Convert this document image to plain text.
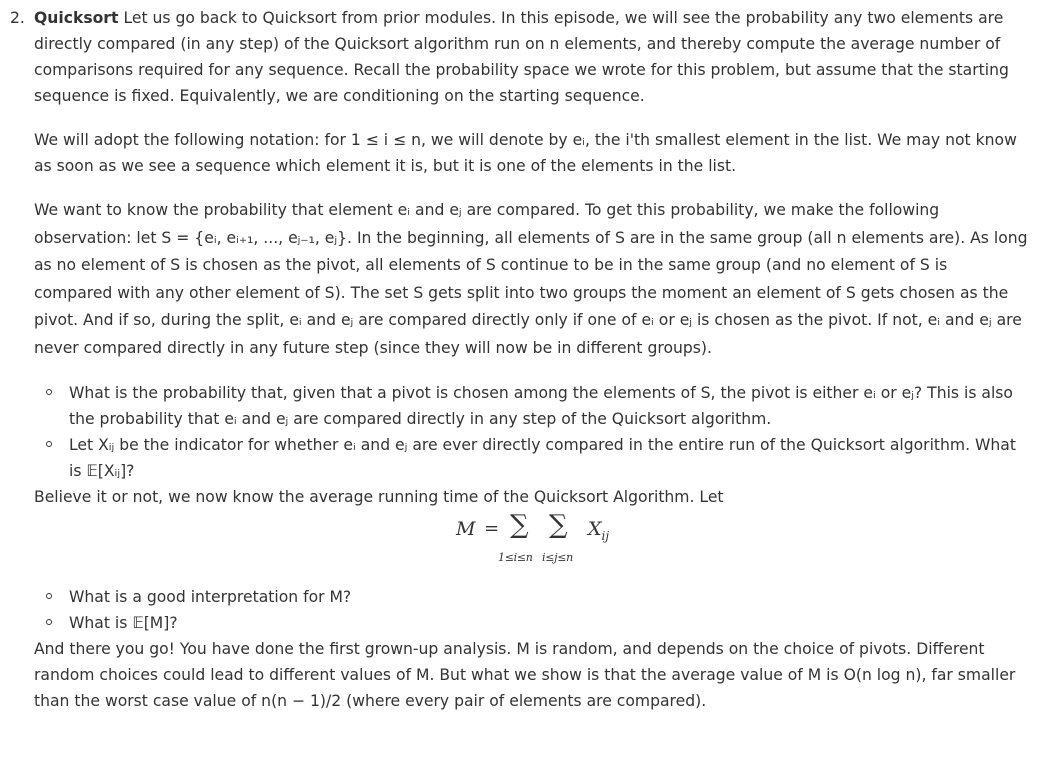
2. Quicksort Let us go back to Quicksort from prior modules. In this episode, we will see the probability any two elements are directly compared (in any step) of the Quicksort algorithm run on n elements, and thereby compute the average number of comparisons required for any sequence. Recall the probability space we wrote for this problem, but assume that the starting sequence is fixed. Equivalently, we are conditioning on the starting sequence.

We will adopt the following notation: for 1 ≤ i ≤ n, we will denote by eᵢ, the i'th smallest element in the list. We may not know as soon as we see a sequence which element it is, but it is one of the elements in the list.

We want to know the probability that element eᵢ and eⱼ are compared. To get this probability, we make the following observation: let S = {eᵢ, eᵢ₊₁, ..., eⱼ₋₁, eⱼ}. In the beginning, all elements of S are in the same group (all n elements are). As long as no element of S is chosen as the pivot, all elements of S continue to be in the same group (and no element of S is compared with any other element of S). The set S gets split into two groups the moment an element of S gets chosen as the pivot. And if so, during the split, eᵢ and eⱼ are compared directly only if one of eᵢ or eⱼ is chosen as the pivot. If not, eᵢ and eⱼ are never compared directly in any future step (since they will now be in different groups).

What is the probability that, given that a pivot is chosen among the elements of S, the pivot is either eᵢ or eⱼ? This is also the probability that eᵢ and eⱼ are compared directly in any step of the Quicksort algorithm.
Let Xᵢⱼ be the indicator for whether eᵢ and eⱼ are ever directly compared in the entire run of the Quicksort algorithm. What is 𝔼[Xᵢⱼ]?

Believe it or not, we now know the average running time of the Quicksort Algorithm. Let

M = ∑ ∑ $X_{ij}$
1≤i≤n i≤j≤n
What is a good interpretation for M?
What is 𝔼[M]?

And there you go! You have done the first grown-up analysis. M is random, and depends on the choice of pivots. Different random choices could lead to different values of M. But what we show is that the average value of M is O(n log n), far smaller than the worst case value of n(n − 1)/2 (where every pair of elements are compared).
